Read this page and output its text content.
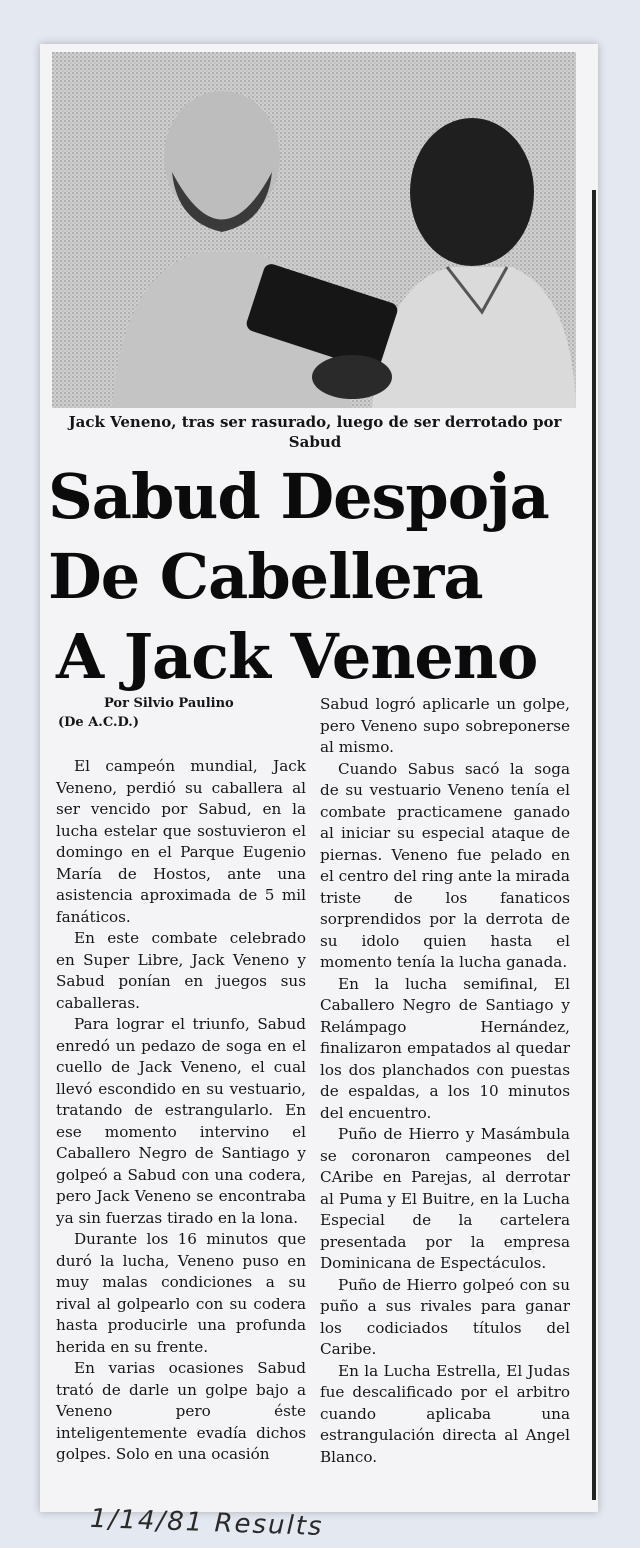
Jack Veneno, tras ser rasurado, luego de ser derrotado por Sabud
Sabud Despoja
De Cabellera
A Jack Veneno
Por Silvio Paulino
(De A.C.D.)

El campeón mundial, Jack Veneno, perdió su caballera al ser vencido por Sabud, en la lucha estelar que sostuvieron el domingo en el Parque Eugenio María de Hostos, ante una asistencia aproximada de 5 mil fanáticos.

En este combate celebrado en Super Libre, Jack Veneno y Sabud ponían en juegos sus caballeras.

Para lograr el triunfo, Sabud enredó un pedazo de soga en el cuello de Jack Veneno, el cual llevó escondido en su vestuario, tratando de estrangularlo. En ese momento intervino el Caballero Negro de Santiago y golpeó a Sabud con una codera, pero Jack Veneno se encontraba ya sin fuerzas tirado en la lona.

Durante los 16 minutos que duró la lucha, Veneno puso en muy malas condiciones a su rival al golpearlo con su codera hasta producirle una profunda herida en su frente.

En varias ocasiones Sabud trató de darle un golpe bajo a Veneno pero éste inteligentemente evadía dichos golpes. Solo en una ocasión

Sabud logró aplicarle un golpe, pero Veneno supo sobreponerse al mismo.

Cuando Sabus sacó la soga de su vestuario Veneno tenía el combate practicamene ganado al iniciar su especial ataque de piernas. Veneno fue pelado en el centro del ring ante la mirada triste de los fanaticos sorprendidos por la derrota de su idolo quien hasta el momento tenía la lucha ganada.

En la lucha semifinal, El Caballero Negro de Santiago y Relámpago Hernández, finalizaron empatados al quedar los dos planchados con puestas de espaldas, a los 10 minutos del encuentro.

Puño de Hierro y Masámbula se coronaron campeones del CAribe en Parejas, al derrotar al Puma y El Buitre, en la Lucha Especial de la cartelera presentada por la empresa Dominicana de Espectáculos.

Puño de Hierro golpeó con su puño a sus rivales para ganar los codiciados títulos del Caribe.

En la Lucha Estrella, El Judas fue descalificado por el arbitro cuando aplicaba una estrangulación directa al Angel Blanco.

1/14/81 Results
